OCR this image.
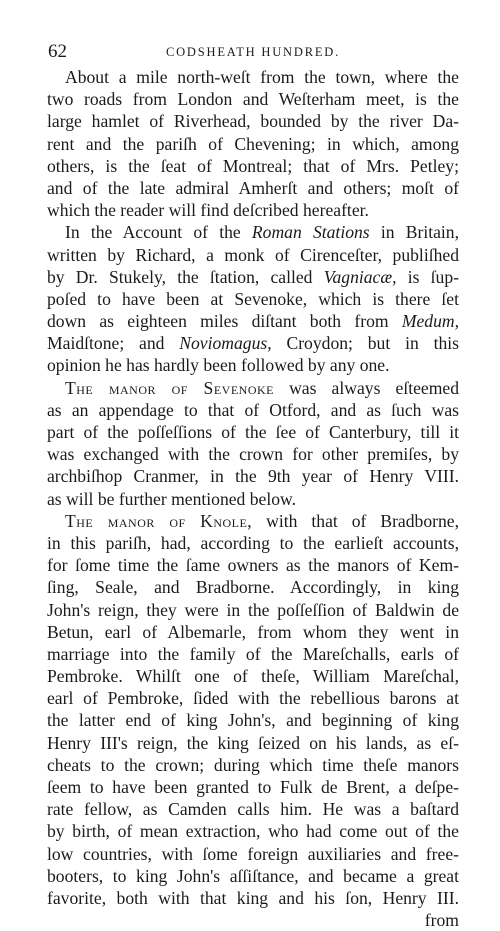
62	CODSHEATH HUNDRED.
About a mile north-weſt from the town, where the
two roads from London and Weſterham meet, is the
large hamlet of Riverhead, bounded by the river Da-
rent and the pariſh of Chevening; in which, among
others, is the ſeat of Montreal; that of Mrs. Petley;
and of the late admiral Amherſt and others; moſt of
which the reader will find deſcribed hereafter.
In the Account of the Roman Stations in Britain,
written by Richard, a monk of Cirenceſter, publiſhed
by Dr. Stukely, the ſtation, called Vagniacæ, is ſup-
poſed to have been at Sevenoke, which is there ſet
down as eighteen miles diſtant both from Medum,
Maidſtone; and Noviomagus, Croydon; but in this
opinion he has hardly been followed by any one.
The manor of Sevenoke was always eſteemed
as an appendage to that of Otford, and as ſuch was
part of the poſſeſſions of the ſee of Canterbury, till it
was exchanged with the crown for other premiſes, by
archbiſhop Cranmer, in the 9th year of Henry VIII.
as will be further mentioned below.
The manor of Knole, with that of Bradborne,
in this pariſh, had, according to the earlieſt accounts,
for ſome time the ſame owners as the manors of Kem-
ſing, Seale, and Bradborne. Accordingly, in king
John's reign, they were in the poſſeſſion of Baldwin de
Betun, earl of Albemarle, from whom they went in
marriage into the family of the Mareſchalls, earls of
Pembroke. Whilſt one of theſe, William Mareſchal,
earl of Pembroke, ſided with the rebellious barons at
the latter end of king John's, and beginning of king
Henry III's reign, the king ſeized on his lands, as eſ-
cheats to the crown; during which time theſe manors
ſeem to have been granted to Fulk de Brent, a deſpe-
rate fellow, as Camden calls him. He was a baſtard
by birth, of mean extraction, who had come out of the
low countries, with ſome foreign auxiliaries and free-
booters, to king John's aſſiſtance, and became a great
favorite, both with that king and his ſon, Henry III.
from
